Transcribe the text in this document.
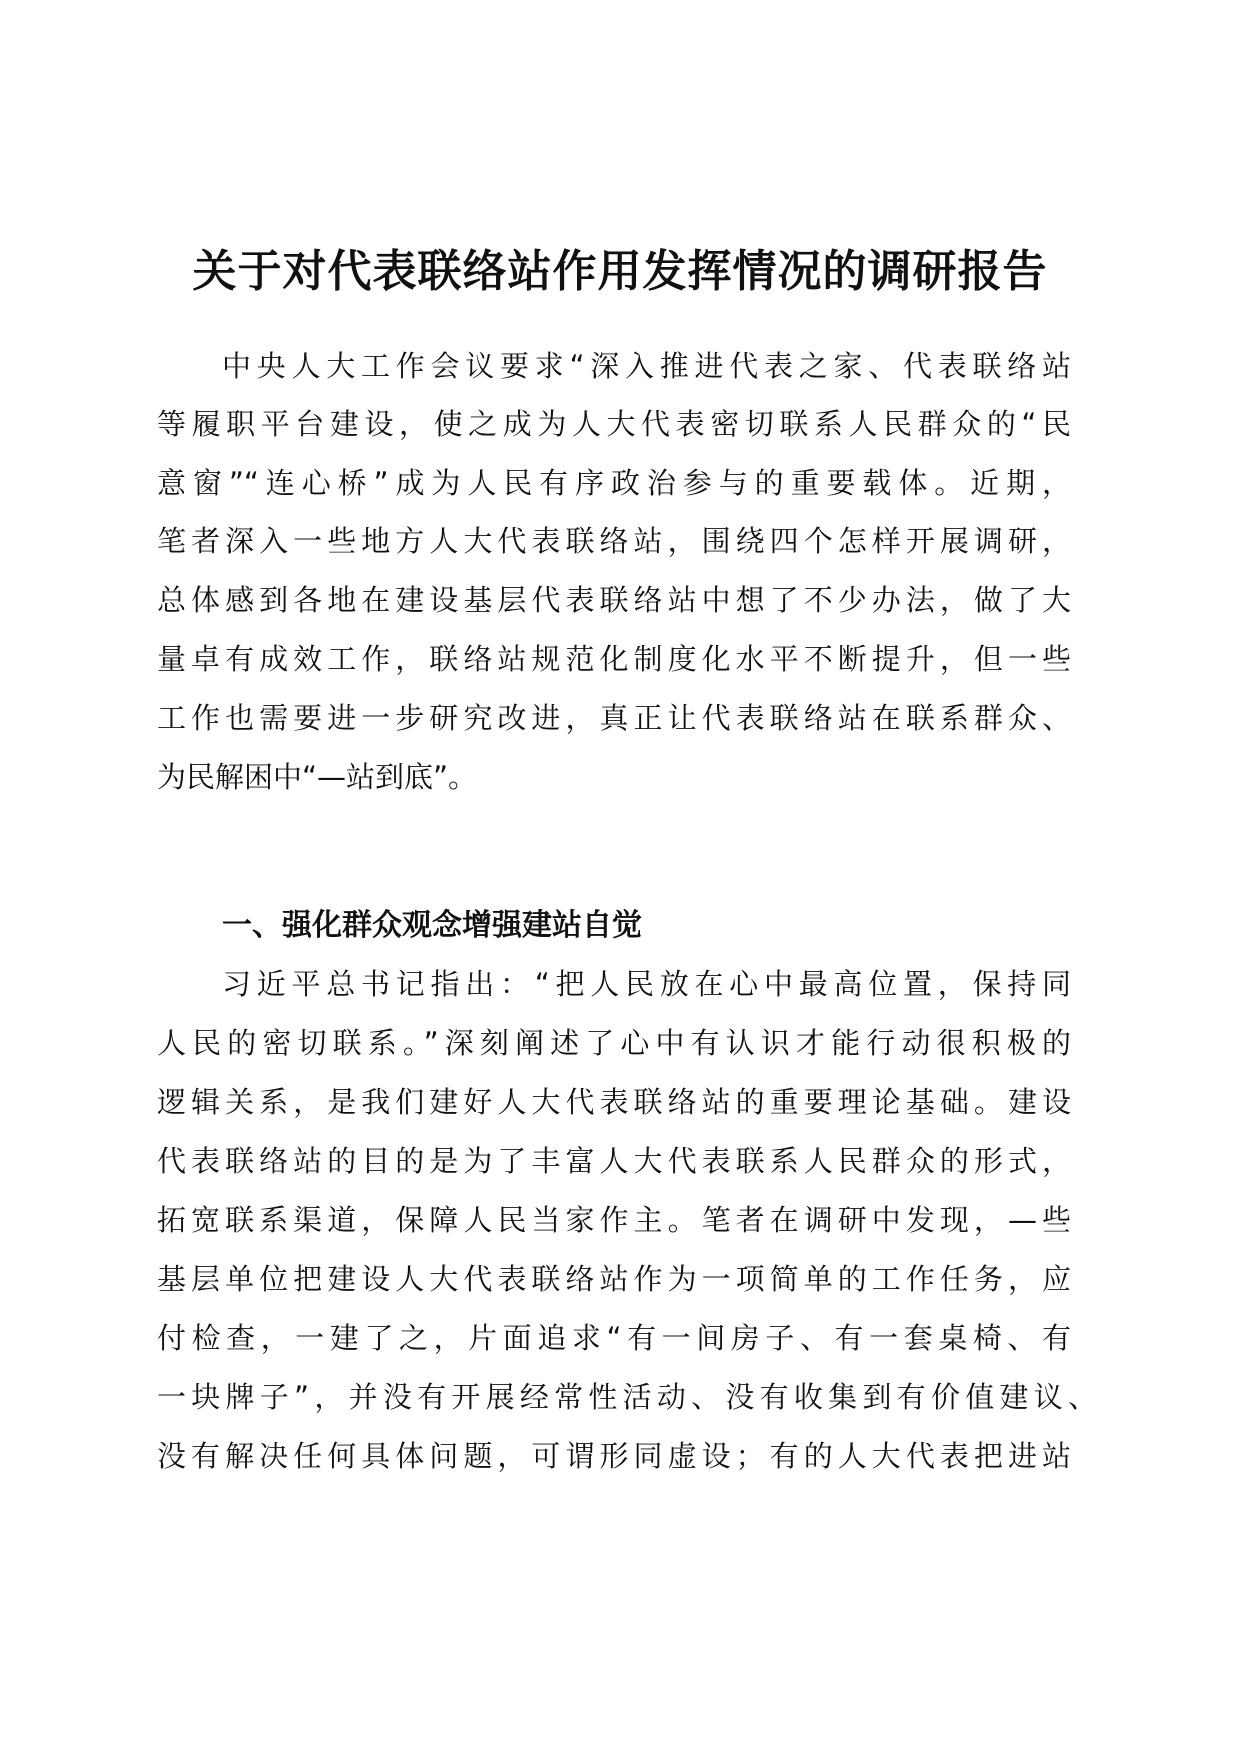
关于对代表联络站作用发挥情况的调研报告

中央人大工作会议要求“深入推进代表之家、代表联络站

等履职平台建设，使之成为人大代表密切联系人民群众的“民

意窗”“连心桥”成为人民有序政治参与的重要载体。近期，

笔者深入一些地方人大代表联络站，围绕四个怎样开展调研，

总体感到各地在建设基层代表联络站中想了不少办法，做了大

量卓有成效工作，联络站规范化制度化水平不断提升，但一些

工作也需要进一步研究改进，真正让代表联络站在联系群众、

为民解困中“—站到底”。

一、强化群众观念增强建站自觉

习近平总书记指出：“把人民放在心中最高位置，保持同

人民的密切联系。”深刻阐述了心中有认识才能行动很积极的

逻辑关系，是我们建好人大代表联络站的重要理论基础。建设

代表联络站的目的是为了丰富人大代表联系人民群众的形式，

拓宽联系渠道，保障人民当家作主。笔者在调研中发现，—些

基层单位把建设人大代表联络站作为一项简单的工作任务，应

付检查，一建了之，片面追求“有一间房子、有一套桌椅、有

一块牌子”，并没有开展经常性活动、没有收集到有价值建议、

没有解决任何具体问题，可谓形同虚设；有的人大代表把进站
